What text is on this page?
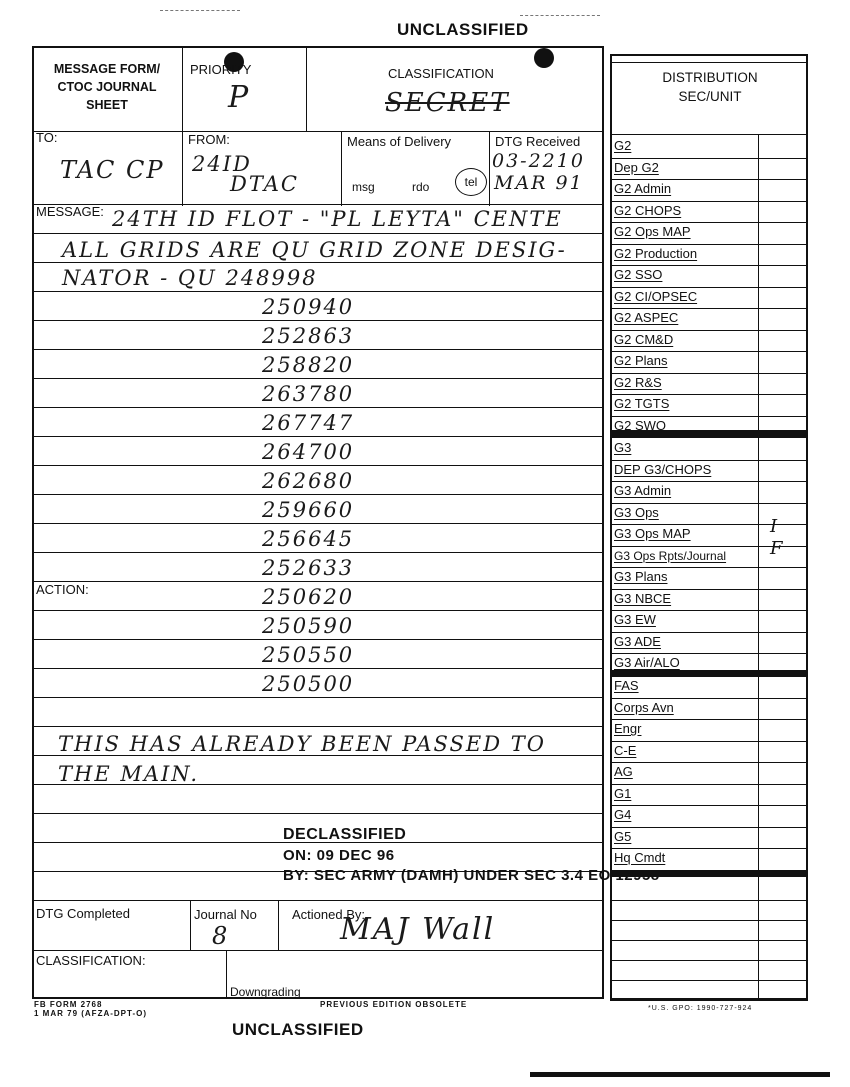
UNCLASSIFIED
UNCLASSIFIED
MESSAGE FORM/ CTOC JOURNAL SHEET
PRIORITY
P
CLASSIFICATION
SECRET
TO:
TAC CP
FROM:
24ID
DTAC
Means of Delivery
msg	rdo	tel
DTG Received
03-2210
MAR 91
MESSAGE:
ACTION:
24TH ID FLOT - "PL LEYTA" CENTE
ALL GRIDS ARE QU GRID ZONE DESIG-
NATOR - QU 248998
250940
252863
258820
263780
267747
264700
262680
259660
256645
252633
250620
250590
250550
250500
THIS HAS ALREADY BEEN PASSED TO
THE MAIN.
DECLASSIFIED
ON: 09 DEC 96
BY: SEC ARMY (DAMH) UNDER SEC 3.4 EO 12958
DTG Completed	Journal No
8
Actioned By:
MAJ Wall
CLASSIFICATION:
Downgrading
FB FORM 2768
1 MAR 79 (AFZA-DPT-O)
PREVIOUS EDITION OBSOLETE	*U.S. GPO: 1990-727-924
DISTRIBUTION SEC/UNIT
G2
Dep G2
G2 Admin
G2 CHOPS
G2 Ops MAP
G2 Production
G2 SSO
G2 CI/OPSEC
G2 ASPEC
G2 CM&D
G2 Plans
G2 R&S
G2 TGTS
G2 SWO
G3
DEP G3/CHOPS
G3 Admin
G3 Ops
G3 Ops MAP
G3 Ops Rpts/Journal
G3 Plans
G3 NBCE
G3 EW
G3 ADE
G3 Air/ALO
FAS
Corps Avn
Engr
C-E
AG
G1
G4
G5
Hq Cmdt
I
F
